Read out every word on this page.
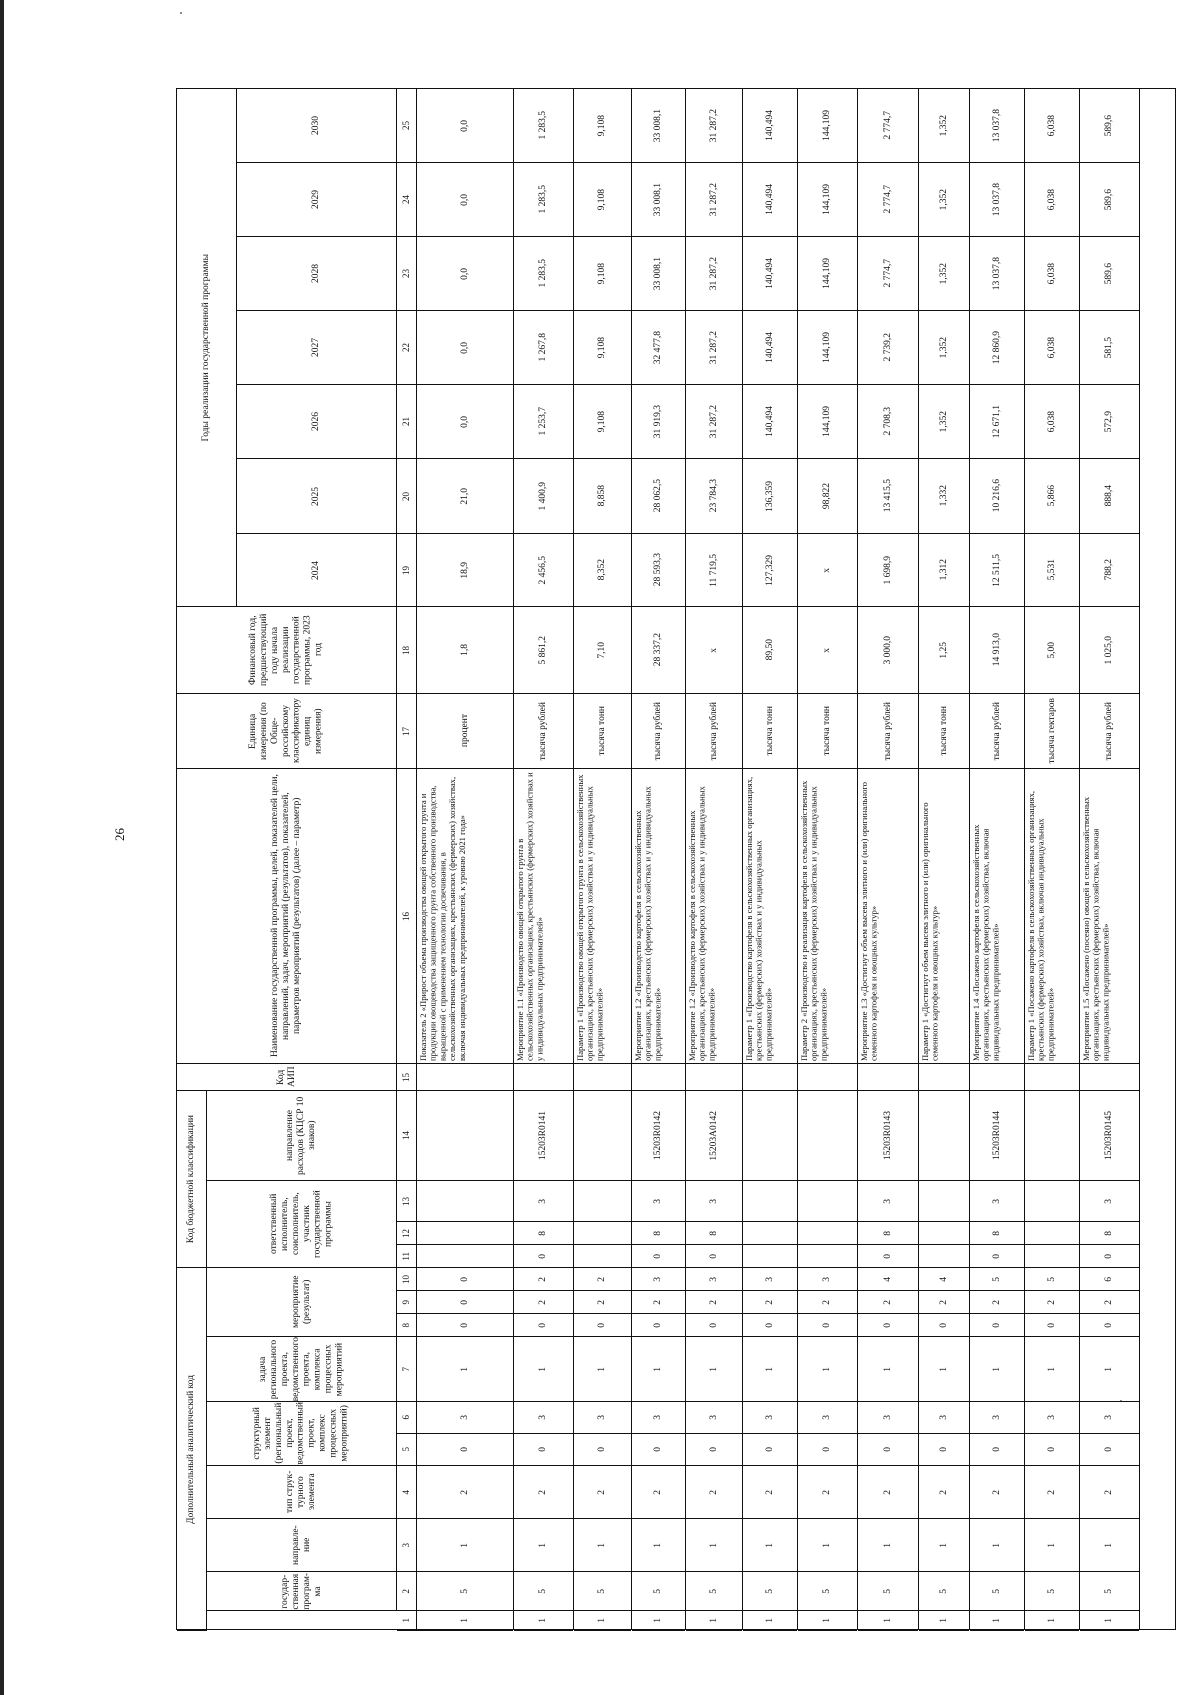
26
Дополнительный аналитический код
Код бюджетной классификации
Годы реализации государственной программы
государ-ственная програм-ма
направле-ние
тип струк-турного элемента
структурный элемент (региональный проект, ведомственный проект, комплекс процессных мероприятий)
задача регионального проекта, ведомственного проекта, комплекса процессных мероприятий
мероприятие (результат)
ответственный исполнитель, соисполнитель, участник государственной программы
направление расходов (КЦСР 10 знаков)
Код АИП
Наименование государственной программы, целей, показателей цели, направлений, задач, мероприятий (результатов), показателей, параметров мероприятий (результатов) (далее – параметр)
Единица измерения (по Обще-российскому классификатору единиц измерения)
Финансовый год, предшествующий году начала реализации государственной программы, 2023 год
2024
2025
2026
2027
2028
2029
2030
1
2
3
4
5
6
7
8
9
10
11
12
13
14
15
16
17
18
19
20
21
22
23
24
25
1
5
1
2
0
3
1
0
0
0
Показатель 2 «Прирост объема производства овощей открытого грунта и продукции овощеводства защищенного грунта собственного производства, выращенной с применением технологии досвечивания, в сельскохозяйственных организациях, крестьянских (фермерских) хозяйствах, включая индивидуальных предпринимателей, к уровню 2021 года»
процент
1,8
18,9
21,0
0,0
0,0
0,0
0,0
0,0
1
5
1
2
0
3
1
0
2
2
0
8
3
15203R0141
Мероприятие 1.1 «Производство овощей открытого грунта в сельскохозяйственных организациях, крестьянских (фермерских) хозяйствах и у индивидуальных предпринимателей»
тысяча рублей
5 861,2
2 456,5
1 400,9
1 253,7
1 267,8
1 283,5
1 283,5
1 283,5
1
5
1
2
0
3
1
0
2
2
Параметр 1 «Производство овощей открытого грунта в сельскохозяйственных организациях, крестьянских (фермерских) хозяйствах и у индивидуальных предпринимателей»
тысяча тонн
7,10
8,352
8,858
9,108
9,108
9,108
9,108
9,108
1
5
1
2
0
3
1
0
2
3
0
8
3
15203R0142
Мероприятие 1.2 «Производство картофеля в сельскохозяйственных организациях, крестьянских (фермерских) хозяйствах и у индивидуальных предпринимателей»
тысяча рублей
28 337,2
28 593,3
28 062,5
31 919,3
32 477,8
33 008,1
33 008,1
33 008,1
1
5
1
2
0
3
1
0
2
3
0
8
3
15203A0142
Мероприятие 1.2 «Производство картофеля в сельскохозяйственных организациях, крестьянских (фермерских) хозяйствах и у индивидуальных предпринимателей»
тысяча рублей
x
11 719,5
23 784,3
31 287,2
31 287,2
31 287,2
31 287,2
31 287,2
1
5
1
2
0
3
1
0
2
3
Параметр 1 «Производство картофеля в сельскохозяйственных организациях, крестьянских (фермерских) хозяйствах и у индивидуальных предпринимателей»
тысяча тонн
89,50
127,329
136,359
140,494
140,494
140,494
140,494
140,494
1
5
1
2
0
3
1
0
2
3
Параметр 2 «Производство и реализация картофеля в сельскохозяйственных организациях, крестьянских (фермерских) хозяйствах и у индивидуальных предпринимателей»
тысяча тонн
x
x
98,822
144,109
144,109
144,109
144,109
144,109
1
5
1
2
0
3
1
0
2
4
0
8
3
15203R0143
Мероприятие 1.3 «Достигнут объем высева элитного и (или) оригинального семенного картофеля и овощных культур»
тысяча рублей
3 000,0
1 698,9
13 415,5
2 708,3
2 739,2
2 774,7
2 774,7
2 774,7
1
5
1
2
0
3
1
0
2
4
Параметр 1 «Достигнут объем высева элитного и (или) оригинального семенного картофеля и овощных культур»
тысяча тонн
1,25
1,312
1,332
1,352
1,352
1,352
1,352
1,352
1
5
1
2
0
3
1
0
2
5
0
8
3
15203R0144
Мероприятие 1.4 «Посажено картофеля в сельскохозяйственных организациях, крестьянских (фермерских) хозяйствах, включая индивидуальных предпринимателей»
тысяча рублей
14 913,0
12 511,5
10 216,6
12 671,1
12 860,9
13 037,8
13 037,8
13 037,8
1
5
1
2
0
3
1
0
2
5
Параметр 1 «Посажено картофеля в сельскохозяйственных организациях, крестьянских (фермерских) хозяйствах, включая индивидуальных предпринимателей»
тысяча гектаров
5,00
5,531
5,866
6,038
6,038
6,038
6,038
6,038
1
5
1
2
0
3
1
0
2
6
0
8
3
15203R0145
Мероприятие 1.5 «Посажено (посеяно) овощей в сельскохозяйственных организациях, крестьянских (фермерских) хозяйствах, включая индивидуальных предпринимателей»
тысяча рублей
1 025,0
788,2
888,4
572,9
581,5
589,6
589,6
589,6
